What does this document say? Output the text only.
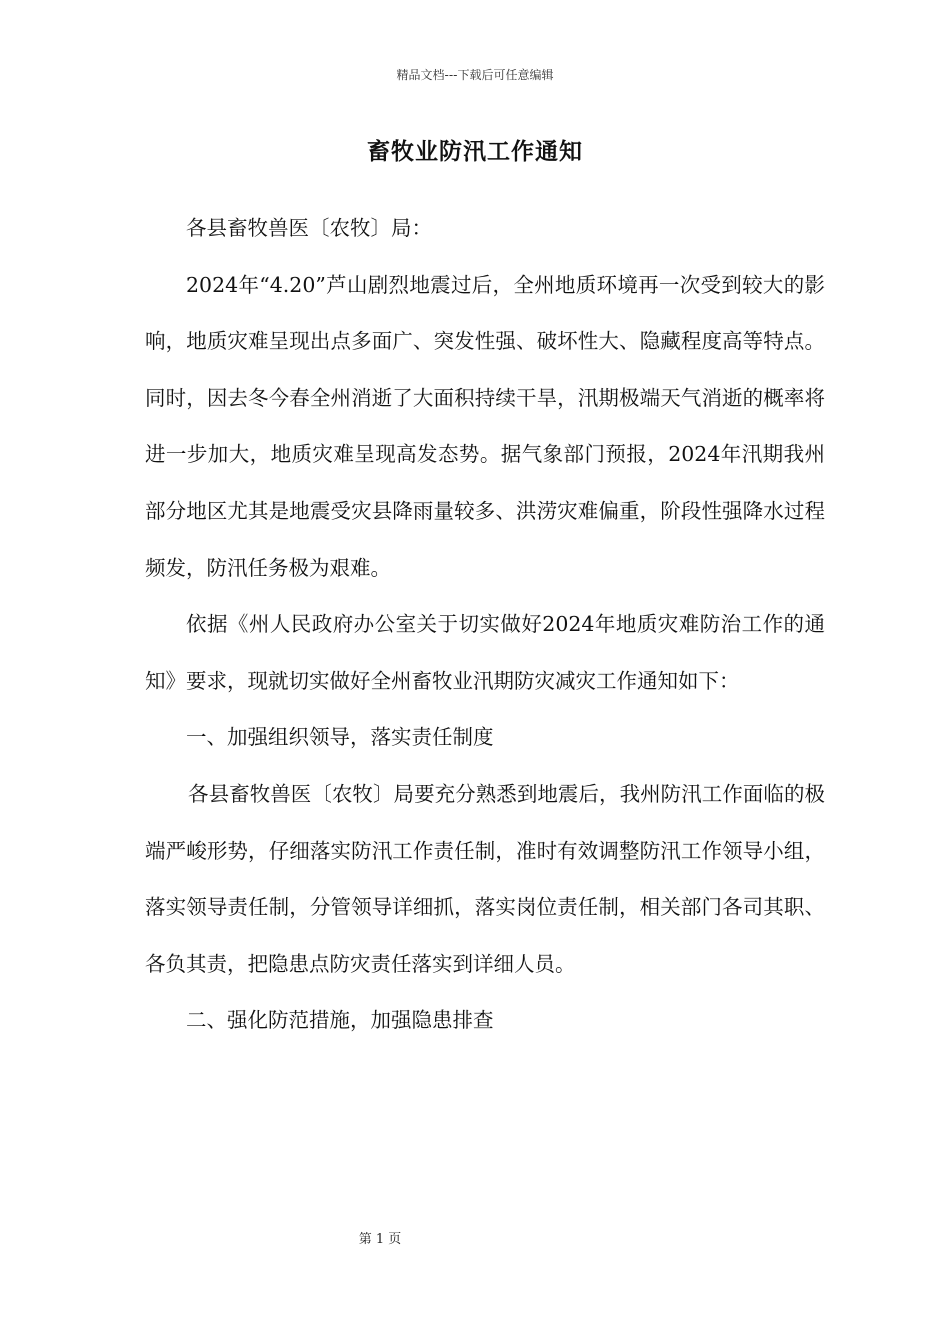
精品文档---下载后可任意编辑
畜牧业防汛工作通知

各县畜牧兽医〔农牧〕局：

2024年“4.20”芦山剧烈地震过后，全州地质环境再一次受到较大的影响，地质灾难呈现出点多面广、突发性强、破坏性大、隐藏程度高等特点。同时，因去冬今春全州消逝了大面积持续干旱，汛期极端天气消逝的概率将进一步加大，地质灾难呈现高发态势。据气象部门预报，2024年汛期我州部分地区尤其是地震受灾县降雨量较多、洪涝灾难偏重，阶段性强降水过程频发，防汛任务极为艰难。

依据《州人民政府办公室关于切实做好2024年地质灾难防治工作的通知》要求，现就切实做好全州畜牧业汛期防灾减灾工作通知如下：

一、加强组织领导，落实责任制度

各县畜牧兽医〔农牧〕局要充分熟悉到地震后，我州防汛工作面临的极端严峻形势，仔细落实防汛工作责任制，准时有效调整防汛工作领导小组，落实领导责任制，分管领导详细抓，落实岗位责任制，相关部门各司其职、各负其责，把隐患点防灾责任落实到详细人员。

二、强化防范措施，加强隐患排查

第 1 页
